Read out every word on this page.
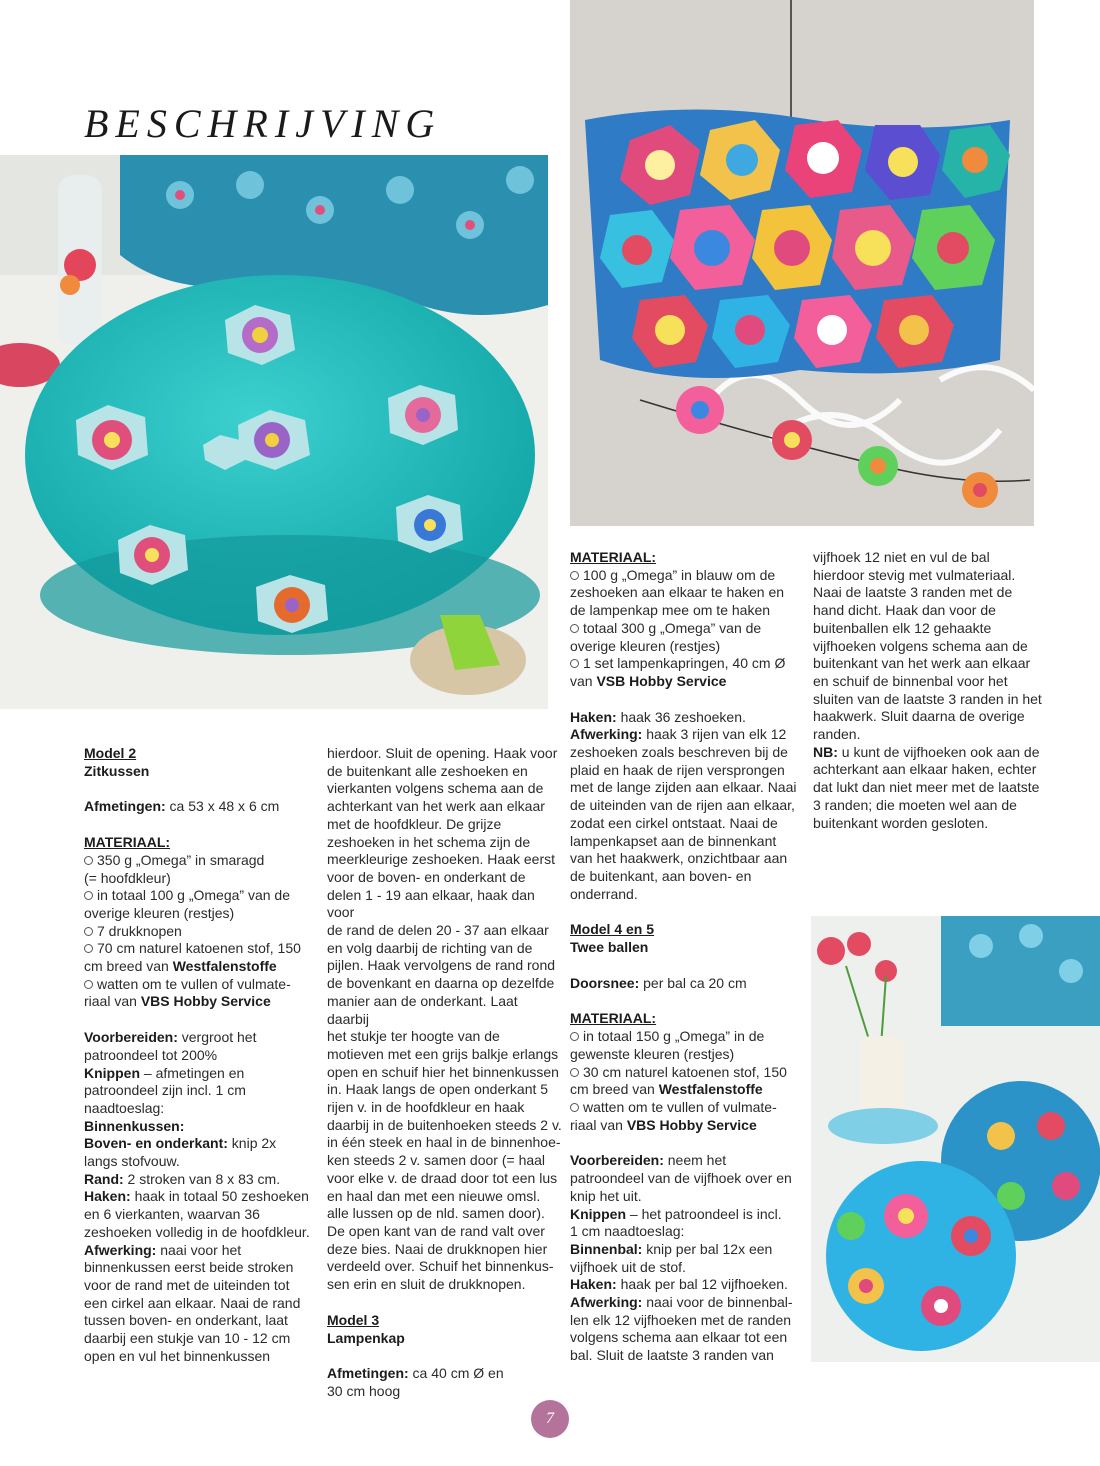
BESCHRIJVING

Model 2

Zitkussen

Afmetingen: ca 53 x 48 x 6 cm

MATERIAAL:

350 g „Omega” in smaragd

(= hoofdkleur)

in totaal 100 g „Omega” van de

overige kleuren (restjes)

7 drukknopen

70 cm naturel katoenen stof, 150

cm breed van Westfalenstoffe

watten om te vullen of vulmate-

riaal van VBS Hobby Service

Voorbereiden: vergroot het

patroondeel tot 200%

Knippen – afmetingen en

patroondeel zijn incl. 1 cm

naadtoeslag:

Binnenkussen:

Boven- en onderkant: knip 2x

langs stofvouw.

Rand: 2 stroken van 8 x 83 cm.

Haken: haak in totaal 50 zeshoeken

en 6 vierkanten, waarvan 36

zeshoeken volledig in de hoofdkleur.

Afwerking: naai voor het

binnenkussen eerst beide stroken

voor de rand met de uiteinden tot

een cirkel aan elkaar. Naai de rand

tussen boven- en onderkant, laat

daarbij een stukje van 10 - 12 cm

open en vul het binnenkussen

hierdoor. Sluit de opening. Haak voor

de buitenkant alle zeshoeken en

vierkanten volgens schema aan de

achterkant van het werk aan elkaar

met de hoofdkleur. De grijze

zeshoeken in het schema zijn de

meerkleurige zeshoeken. Haak eerst

voor de boven- en onderkant de

delen 1 - 19 aan elkaar, haak dan voor

de rand de delen 20 - 37 aan elkaar

en volg daarbij de richting van de

pijlen. Haak vervolgens de rand rond

de bovenkant en daarna op dezelfde

manier aan de onderkant. Laat daarbij

het stukje ter hoogte van de

motieven met een grijs balkje erlangs

open en schuif hier het binnenkussen

in. Haak langs de open onderkant 5

rijen v. in de hoofdkleur en haak

daarbij in de buitenhoeken steeds 2 v.

in één steek en haal in de binnenhoe-

ken steeds 2 v. samen door (= haal

voor elke v. de draad door tot een lus

en haal dan met een nieuwe omsl.

alle lussen op de nld. samen door).

De open kant van de rand valt over

deze bies. Naai de drukknopen hier

verdeeld over. Schuif het binnenkus-

sen erin en sluit de drukknopen.

Model 3

Lampenkap

Afmetingen: ca 40 cm Ø en

30 cm hoog

MATERIAAL:

100 g „Omega” in blauw om de

zeshoeken aan elkaar te haken en

de lampenkap mee om te haken

totaal 300 g „Omega” van de

overige kleuren (restjes)

1 set lampenkapringen, 40 cm Ø

van VSB Hobby Service

Haken: haak 36 zeshoeken.

Afwerking: haak 3 rijen van elk 12

zeshoeken zoals beschreven bij de

plaid en haak de rijen versprongen

met de lange zijden aan elkaar. Naai

de uiteinden van de rijen aan elkaar,

zodat een cirkel ontstaat. Naai de

lampenkapset aan de binnenkant

van het haakwerk, onzichtbaar aan

de buitenkant, aan boven- en

onderrand.

Model 4 en 5

Twee ballen

Doorsnee: per bal ca 20 cm

MATERIAAL:

in totaal 150 g „Omega” in de

gewenste kleuren (restjes)

30 cm naturel katoenen stof, 150

cm breed van Westfalenstoffe

watten om te vullen of vulmate-

riaal van VBS Hobby Service

Voorbereiden: neem het

patroondeel van de vijfhoek over en

knip het uit.

Knippen – het patroondeel is incl.

1 cm naadtoeslag:

Binnenbal: knip per bal 12x een

vijfhoek uit de stof.

Haken: haak per bal 12 vijfhoeken.

Afwerking: naai voor de binnenbal-

len elk 12 vijfhoeken met de randen

volgens schema aan elkaar tot een

bal. Sluit de laatste 3 randen van

vijfhoek 12 niet en vul de bal

hierdoor stevig met vulmateriaal.

Naai de laatste 3 randen met de

hand dicht. Haak dan voor de

buitenballen elk 12 gehaakte

vijfhoeken volgens schema aan de

buitenkant van het werk aan elkaar

en schuif de binnenbal voor het

sluiten van de laatste 3 randen in het

haakwerk. Sluit daarna de overige

randen.

NB: u kunt de vijfhoeken ook aan de

achterkant aan elkaar haken, echter

dat lukt dan niet meer met de laatste

3 randen; die moeten wel aan de

buitenkant worden gesloten.

7
